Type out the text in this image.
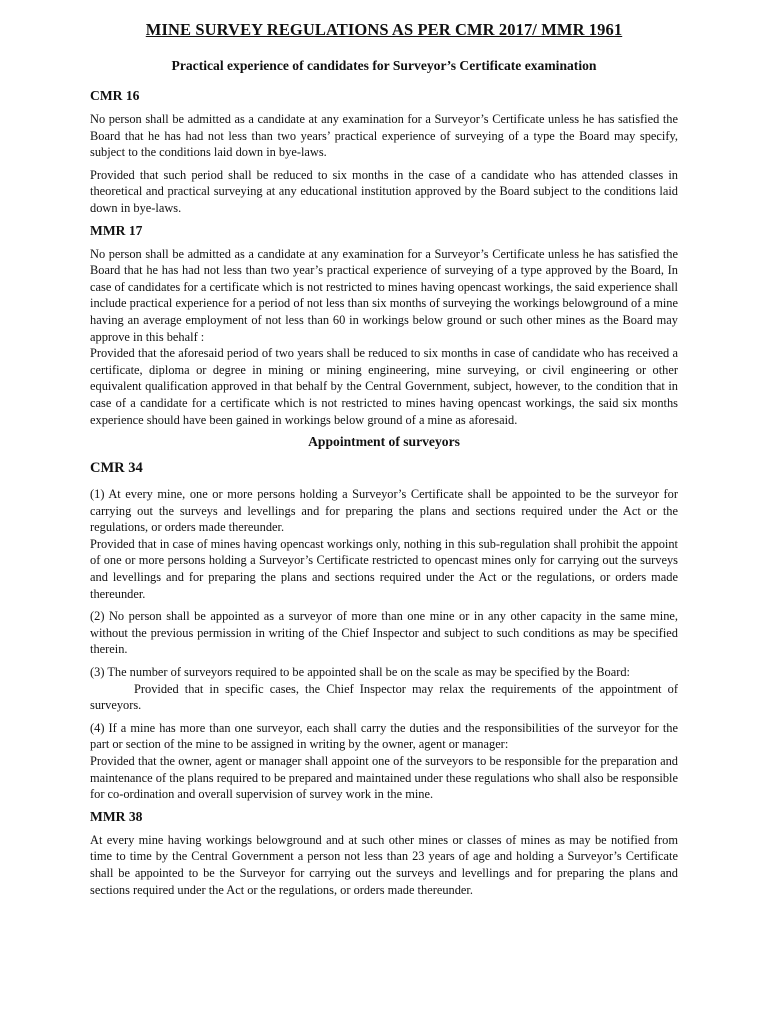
MINE SURVEY REGULATIONS AS PER CMR 2017/ MMR 1961
Practical experience of candidates for Surveyor’s Certificate examination
CMR 16

No person shall be admitted as a candidate at any examination for a Surveyor’s Certificate unless he has satisfied the Board that he has had not less than two years’ practical experience of surveying of a type the Board may specify, subject to the conditions laid down in bye-laws.

Provided that such period shall be reduced to six months in the case of a candidate who has attended classes in theoretical and practical surveying at any educational institution approved by the Board subject to the conditions laid down in bye-laws.

MMR 17

No person shall be admitted as a candidate at any examination for a Surveyor’s Certificate unless he has satisfied the Board that he has had not less than two year’s practical experience of surveying of a type approved by the Board, In case of candidates for a certificate which is not restricted to mines having opencast workings, the said experience shall include practical experience for a period of not less than six months of surveying the workings belowground of a mine having an average employment of not less than 60 in workings below ground or such other mines as the Board may approve in this behalf :

Provided that the aforesaid period of two years shall be reduced to six months in case of candidate who has received a certificate, diploma or degree in mining or mining engineering, mine surveying, or civil engineering or other equivalent qualification approved in that behalf by the Central Government, subject, however, to the condition that in case of a candidate for a certificate which is not restricted to mines having opencast workings, the said six months experience should have been gained in workings below ground of a mine as aforesaid.

Appointment of surveyors
CMR 34

(1) At every mine, one or more persons holding a Surveyor’s Certificate shall be appointed to be the surveyor for carrying out the surveys and levellings and for preparing the plans and sections required under the Act or the regulations, or orders made thereunder.

Provided that in case of mines having opencast workings only, nothing in this sub-regulation shall prohibit the appoint of one or more persons holding a Surveyor’s Certificate restricted to opencast mines only for carrying out the surveys and levellings and for preparing the plans and sections required under the Act or the regulations, or orders made thereunder.

(2) No person shall be appointed as a surveyor of more than one mine or in any other capacity in the same mine, without the previous permission in writing of the Chief Inspector and subject to such conditions as may be specified therein.

(3) The number of surveyors required to be appointed shall be on the scale as may be specified by the Board:

Provided that in specific cases, the Chief Inspector may relax the requirements of the appointment of surveyors.

(4) If a mine has more than one surveyor, each shall carry the duties and the responsibilities of the surveyor for the part or section of the mine to be assigned in writing by the owner, agent or manager:

Provided that the owner, agent or manager shall appoint one of the surveyors to be responsible for the preparation and maintenance of the plans required to be prepared and maintained under these regulations who shall also be responsible for co-ordination and overall supervision of survey work in the mine.

MMR 38

At every mine having workings belowground and at such other mines or classes of mines as may be notified from time to time by the Central Government a person not less than 23 years of age and holding a Surveyor’s Certificate shall be appointed to be the Surveyor for carrying out the surveys and levellings and for preparing the plans and sections required under the Act or the regulations, or orders made thereunder.
